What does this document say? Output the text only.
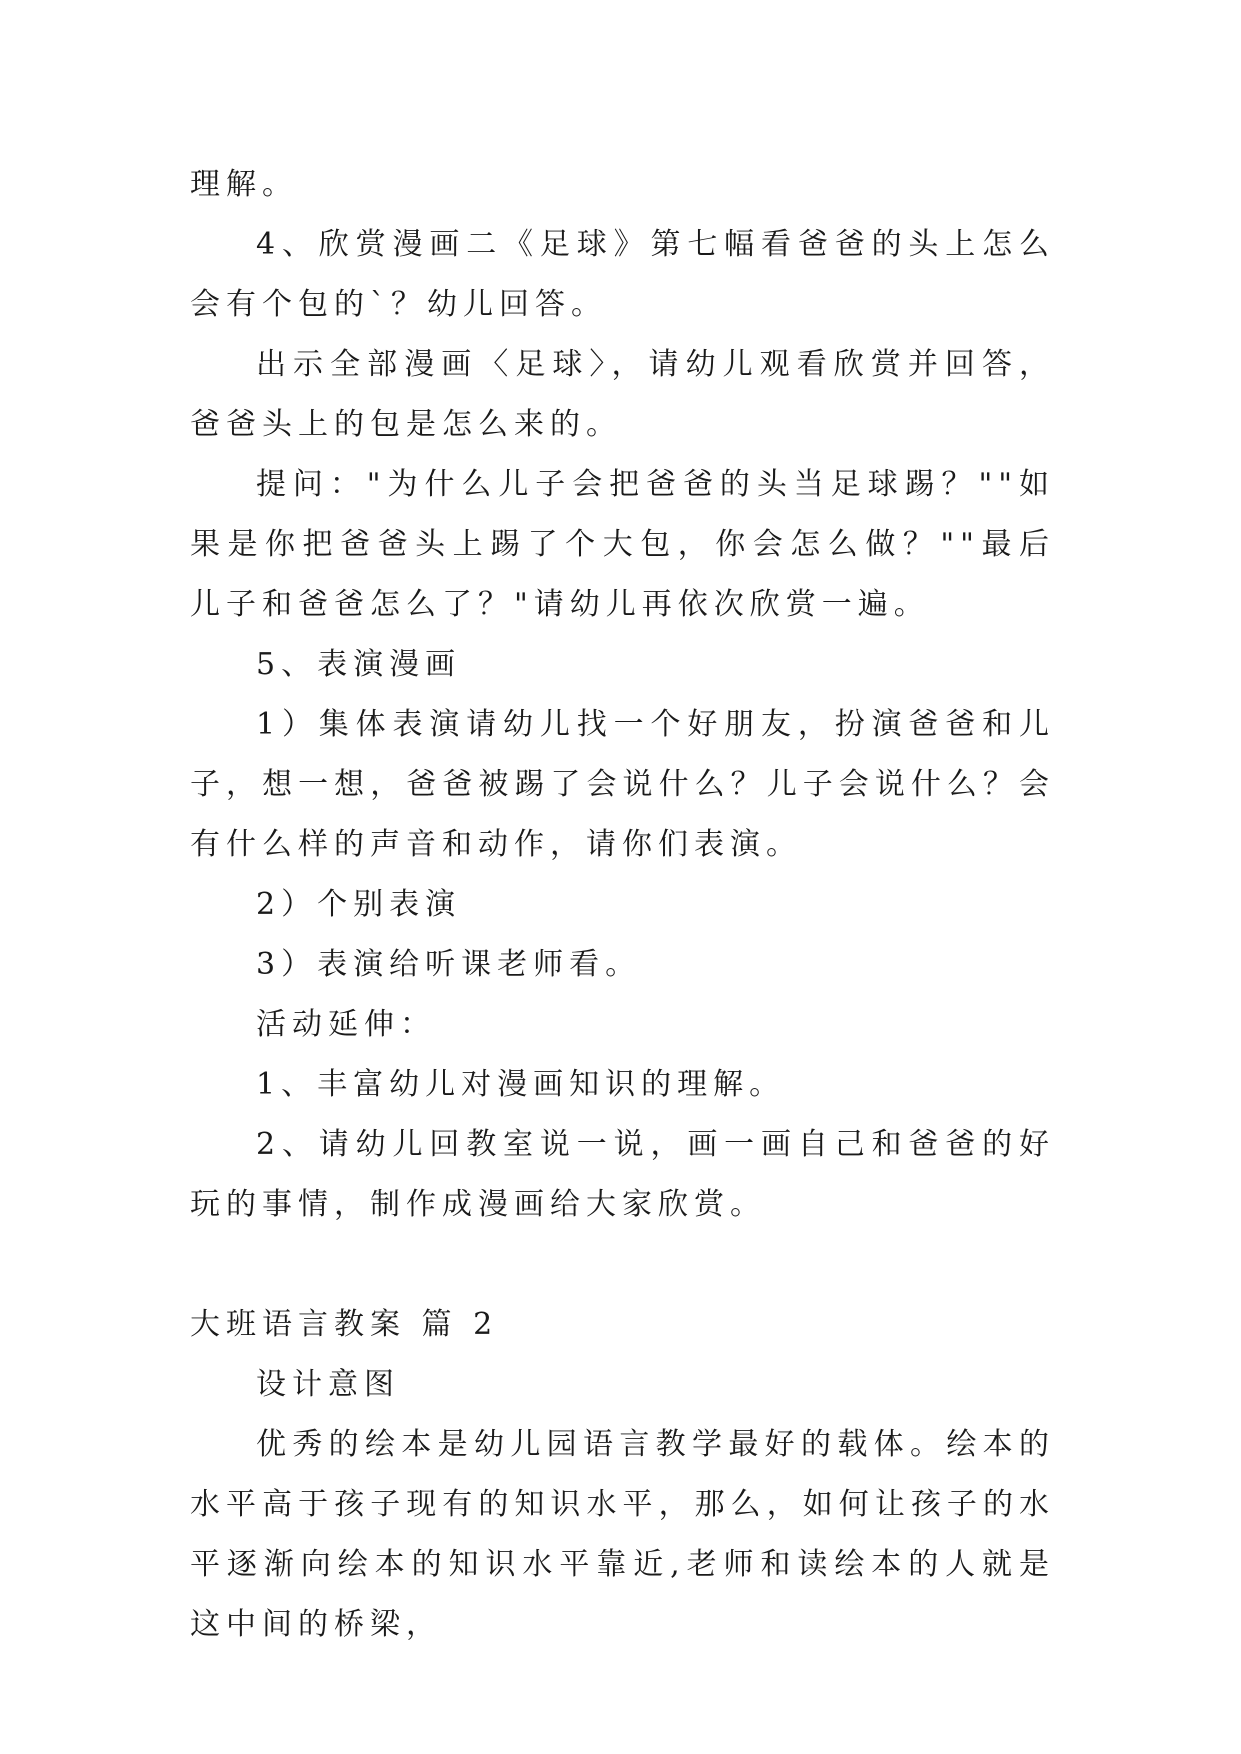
理解。

4、欣赏漫画二《足球》第七幅看爸爸的头上怎么会有个包的`？幼儿回答。

出示全部漫画〈足球〉，请幼儿观看欣赏并回答，爸爸头上的包是怎么来的。

提问："为什么儿子会把爸爸的头当足球踢？""如果是你把爸爸头上踢了个大包，你会怎么做？""最后儿子和爸爸怎么了？"请幼儿再依次欣赏一遍。

5、表演漫画

1）集体表演请幼儿找一个好朋友，扮演爸爸和儿子，想一想，爸爸被踢了会说什么？儿子会说什么？会有什么样的声音和动作，请你们表演。

2）个别表演

3）表演给听课老师看。

活动延伸：

1、丰富幼儿对漫画知识的理解。

2、请幼儿回教室说一说，画一画自己和爸爸的好玩的事情，制作成漫画给大家欣赏。

大班语言教案 篇 2

设计意图

优秀的绘本是幼儿园语言教学最好的载体。绘本的水平高于孩子现有的知识水平，那么，如何让孩子的水平逐渐向绘本的知识水平靠近,老师和读绘本的人就是这中间的桥梁，
